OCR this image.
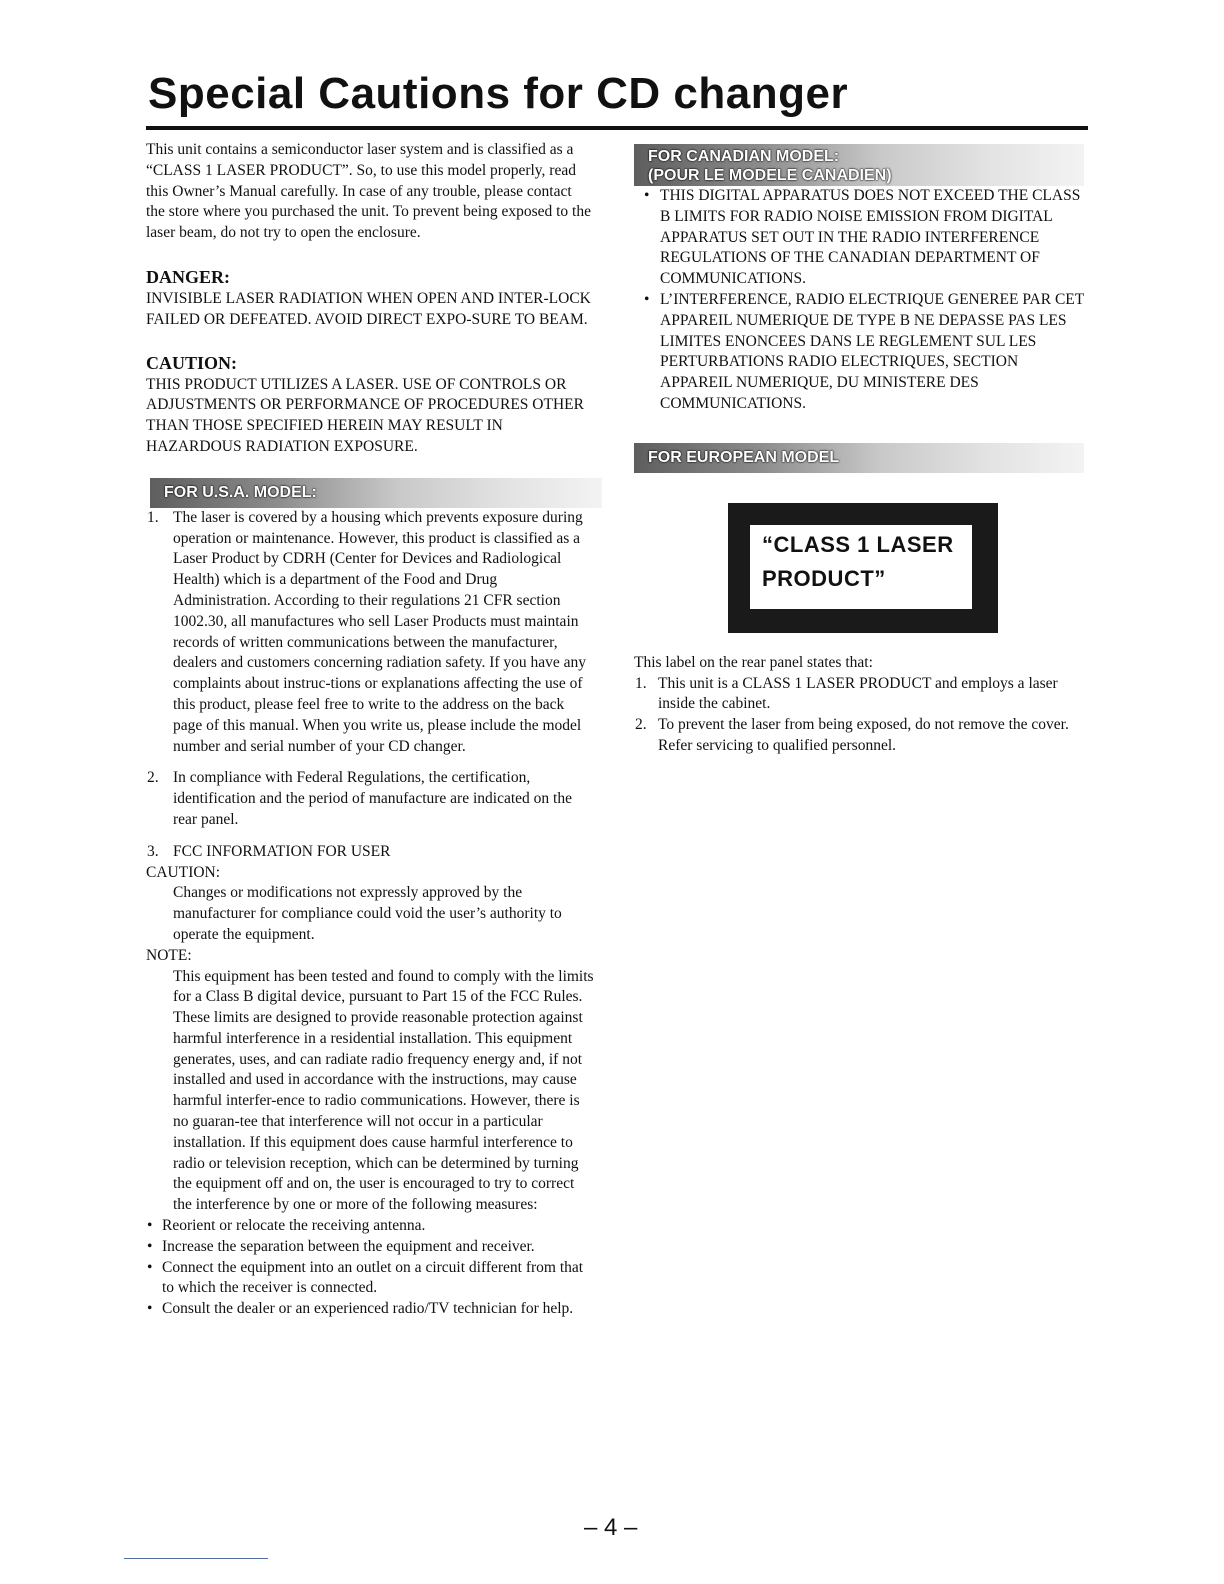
Special Cautions for CD changer

This unit contains a semiconductor laser system and is classified as a “CLASS 1 LASER PRODUCT”. So, to use this model properly, read this Owner’s Manual carefully. In case of any trouble, please contact the store where you purchased the unit. To prevent being exposed to the laser beam, do not try to open the enclosure.

DANGER:

INVISIBLE LASER RADIATION WHEN OPEN AND INTER-LOCK FAILED OR DEFEATED. AVOID DIRECT EXPO-SURE TO BEAM.

CAUTION:

THIS PRODUCT UTILIZES A LASER. USE OF CONTROLS OR ADJUSTMENTS OR PERFORMANCE OF PROCEDURES OTHER THAN THOSE SPECIFIED HEREIN MAY RESULT IN HAZARDOUS RADIATION EXPOSURE.

FOR U.S.A. MODEL:
1. The laser is covered by a housing which prevents exposure during operation or maintenance. However, this product is classified as a Laser Product by CDRH (Center for Devices and Radiological Health) which is a department of the Food and Drug Administration. According to their regulations 21 CFR section 1002.30, all manufactures who sell Laser Products must maintain records of written communications between the manufacturer, dealers and customers concerning radiation safety. If you have any complaints about instruc-tions or explanations affecting the use of this product, please feel free to write to the address on the back page of this manual. When you write us, please include the model number and serial number of your CD changer.
2. In compliance with Federal Regulations, the certification, identification and the period of manufacture are indicated on the rear panel.
3. FCC INFORMATION FOR USER

CAUTION:

Changes or modifications not expressly approved by the manufacturer for compliance could void the user’s authority to operate the equipment.

NOTE:

This equipment has been tested and found to comply with the limits for a Class B digital device, pursuant to Part 15 of the FCC Rules. These limits are designed to provide reasonable protection against harmful interference in a residential installation. This equipment generates, uses, and can radiate radio frequency energy and, if not installed and used in accordance with the instructions, may cause harmful interfer-ence to radio communications. However, there is no guaran-tee that interference will not occur in a particular installation. If this equipment does cause harmful interference to radio or television reception, which can be determined by turning the equipment off and on, the user is encouraged to try to correct the interference by one or more of the following measures:

• Reorient or relocate the receiving antenna.
• Increase the separation between the equipment and receiver.
• Connect the equipment into an outlet on a circuit different from that to which the receiver is connected.
• Consult the dealer or an experienced radio/TV technician for help.
FOR CANADIAN MODEL:
(POUR LE MODELE CANADIEN)
• THIS DIGITAL APPARATUS DOES NOT EXCEED THE CLASS B LIMITS FOR RADIO NOISE EMISSION FROM DIGITAL APPARATUS SET OUT IN THE RADIO INTERFERENCE REGULATIONS OF THE CANADIAN DEPARTMENT OF COMMUNICATIONS.
• L’INTERFERENCE, RADIO ELECTRIQUE GENEREE PAR CET APPAREIL NUMERIQUE DE TYPE B NE DEPASSE PAS LES LIMITES ENONCEES DANS LE REGLEMENT SUL LES PERTURBATIONS RADIO ELECTRIQUES, SECTION APPAREIL NUMERIQUE, DU MINISTERE DES COMMUNICATIONS.
FOR EUROPEAN MODEL
“CLASS 1 LASER
PRODUCT”

This label on the rear panel states that:

1. This unit is a CLASS 1 LASER PRODUCT and employs a laser inside the cabinet.
2. To prevent the laser from being exposed, do not remove the cover. Refer servicing to qualified personnel.
– 4 –
